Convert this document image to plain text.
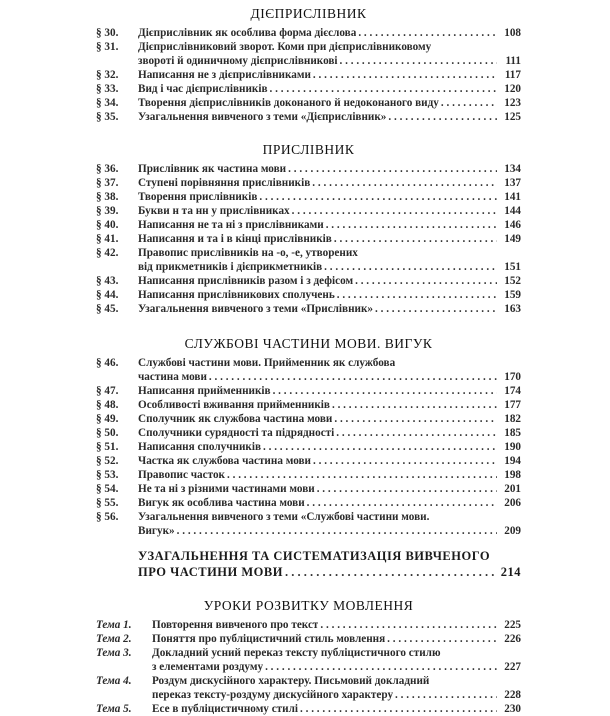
ДІЄПРИСЛІВНИК
§ 30.	Дієприслівник як особлива форма дієслова . . .	108
§ 31.	Дієприслівниковий зворот. Коми при дієприслівниковому
звороті й одиничному дієприслівникові . . .	111
§ 32.	Написання не з дієприслівниками . . .	117
§ 33.	Вид і час дієприслівників . . .	120
§ 34.	Творення дієприслівників доконаного й недоконаного виду . . .	123
§ 35.	Узагальнення вивченого з теми «Дієприслівник» . . .	125
ПРИСЛІВНИК
§ 36.	Прислівник як частина мови . . .	134
§ 37.	Ступені порівняння прислівників . . .	137
§ 38.	Творення прислівників . . .	141
§ 39.	Букви н та нн у прислівниках . . .	144
§ 40.	Написання не та ні з прислівниками . . .	146
§ 41.	Написання и та і в кінці прислівників . . .	149
§ 42.	Правопис прислівників на -о, -е, утворених
від прикметників і дієприкметників . . .	151
§ 43.	Написання прислівників разом і з дефісом . . .	152
§ 44.	Написання прислівникових сполучень . . .	159
§ 45.	Узагальнення вивченого з теми «Прислівник» . . .	163
СЛУЖБОВІ ЧАСТИНИ МОВИ. ВИГУК
§ 46.	Службові частини мови. Прийменник як службова
частина мови . . .	170
§ 47.	Написання прийменників . . .	174
§ 48.	Особливості вживання прийменників . . .	177
§ 49.	Сполучник як службова частина мови . . .	182
§ 50.	Сполучники сурядності та підрядності . . .	185
§ 51.	Написання сполучників . . .	190
§ 52.	Частка як службова частина мови . . .	194
§ 53.	Правопис часток . . .	198
§ 54.	Не та ні з різними частинами мови . . .	201
§ 55.	Вигук як особлива частина мови . . .	206
§ 56.	Узагальнення вивченого з теми «Службові частини мови.
Вигук» . . .	209
УЗАГАЛЬНЕННЯ ТА СИСТЕМАТИЗАЦІЯ ВИВЧЕНОГО
ПРО ЧАСТИНИ МОВИ . . .	214
УРОКИ РОЗВИТКУ МОВЛЕННЯ
Тема 1.	Повторення вивченого про текст . . .	225
Тема 2.	Поняття про публіцистичний стиль мовлення . . .	226
Тема 3.	Докладний усний переказ тексту публіцистичного стилю
з елементами роздуму . . .	227
Тема 4.	Роздум дискусійного характеру. Письмовий докладний
переказ тексту-роздуму дискусійного характеру . . .	228
Тема 5.	Есе в публіцистичному стилі . . .	230
